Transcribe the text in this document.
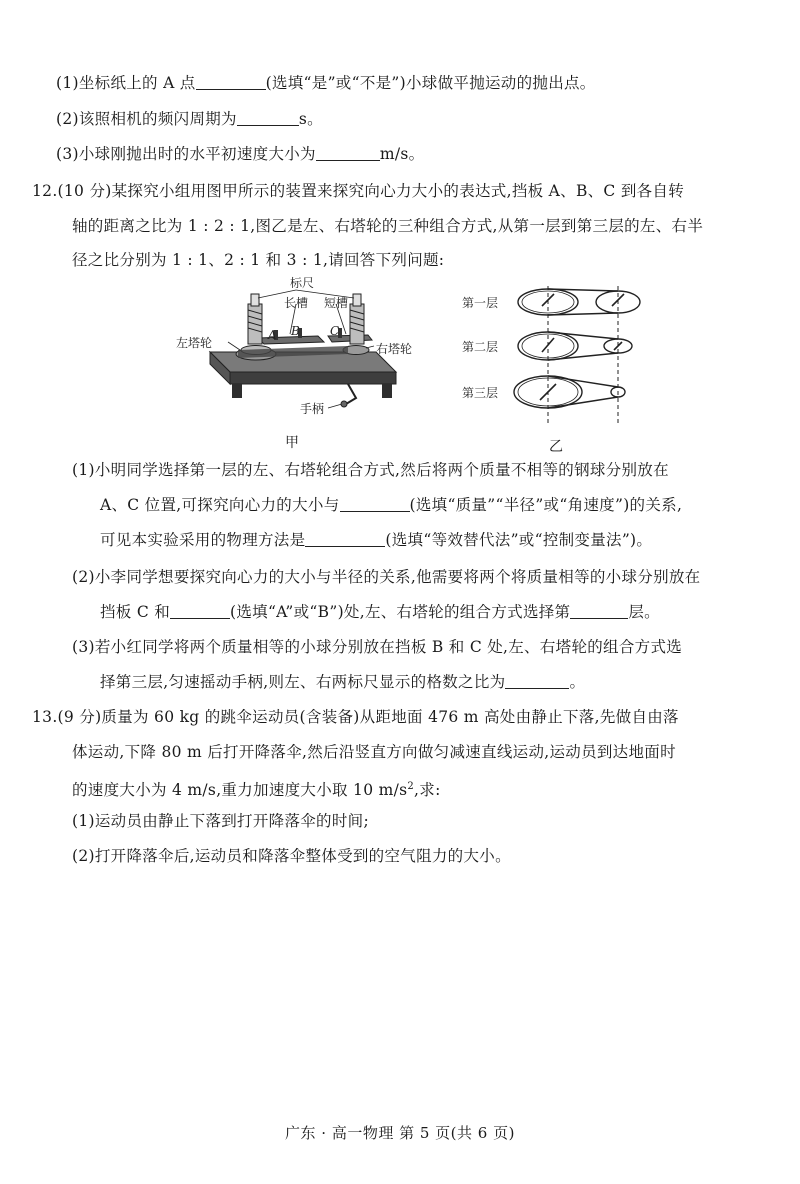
(1)坐标纸上的 A 点	(选填“是”或“不是”)小球做平抛运动的抛出点。
(2)该照相机的频闪周期为	s。
(3)小球刚抛出时的水平初速度大小为	m/s。
12.(10 分)某探究小组用图甲所示的装置来探究向心力大小的表达式,挡板 A、B、C 到各自转
轴的距离之比为 1 : 2 : 1,图乙是左、右塔轮的三种组合方式,从第一层到第三层的左、右半
径之比分别为 1 : 1、2 : 1 和 3 : 1,请回答下列问题:
标尺
长槽 短槽
左塔轮	右塔轮
手柄
A B	C
甲
第一层
第二层
第三层
乙
(1)小明同学选择第一层的左、右塔轮组合方式,然后将两个质量不相等的钢球分别放在
A、C 位置,可探究向心力的大小与	(选填“质量”“半径”或“角速度”)的关系,
可见本实验采用的物理方法是	(选填“等效替代法”或“控制变量法”)。
(2)小李同学想要探究向心力的大小与半径的关系,他需要将两个将质量相等的小球分别放在
挡板 C 和	(选填“A”或“B”)处,左、右塔轮的组合方式选择第	层。
(3)若小红同学将两个质量相等的小球分别放在挡板 B 和 C 处,左、右塔轮的组合方式选
择第三层,匀速摇动手柄,则左、右两标尺显示的格数之比为	。
13.(9 分)质量为 60 kg 的跳伞运动员(含装备)从距地面 476 m 高处由静止下落,先做自由落
体运动,下降 80 m 后打开降落伞,然后沿竖直方向做匀减速直线运动,运动员到达地面时
的速度大小为 4 m/s,重力加速度大小取 10 $m/s^2$,求:
(1)运动员由静止下落到打开降落伞的时间;
(2)打开降落伞后,运动员和降落伞整体受到的空气阻力的大小。
广东 · 高一物理 第 5 页(共 6 页)
